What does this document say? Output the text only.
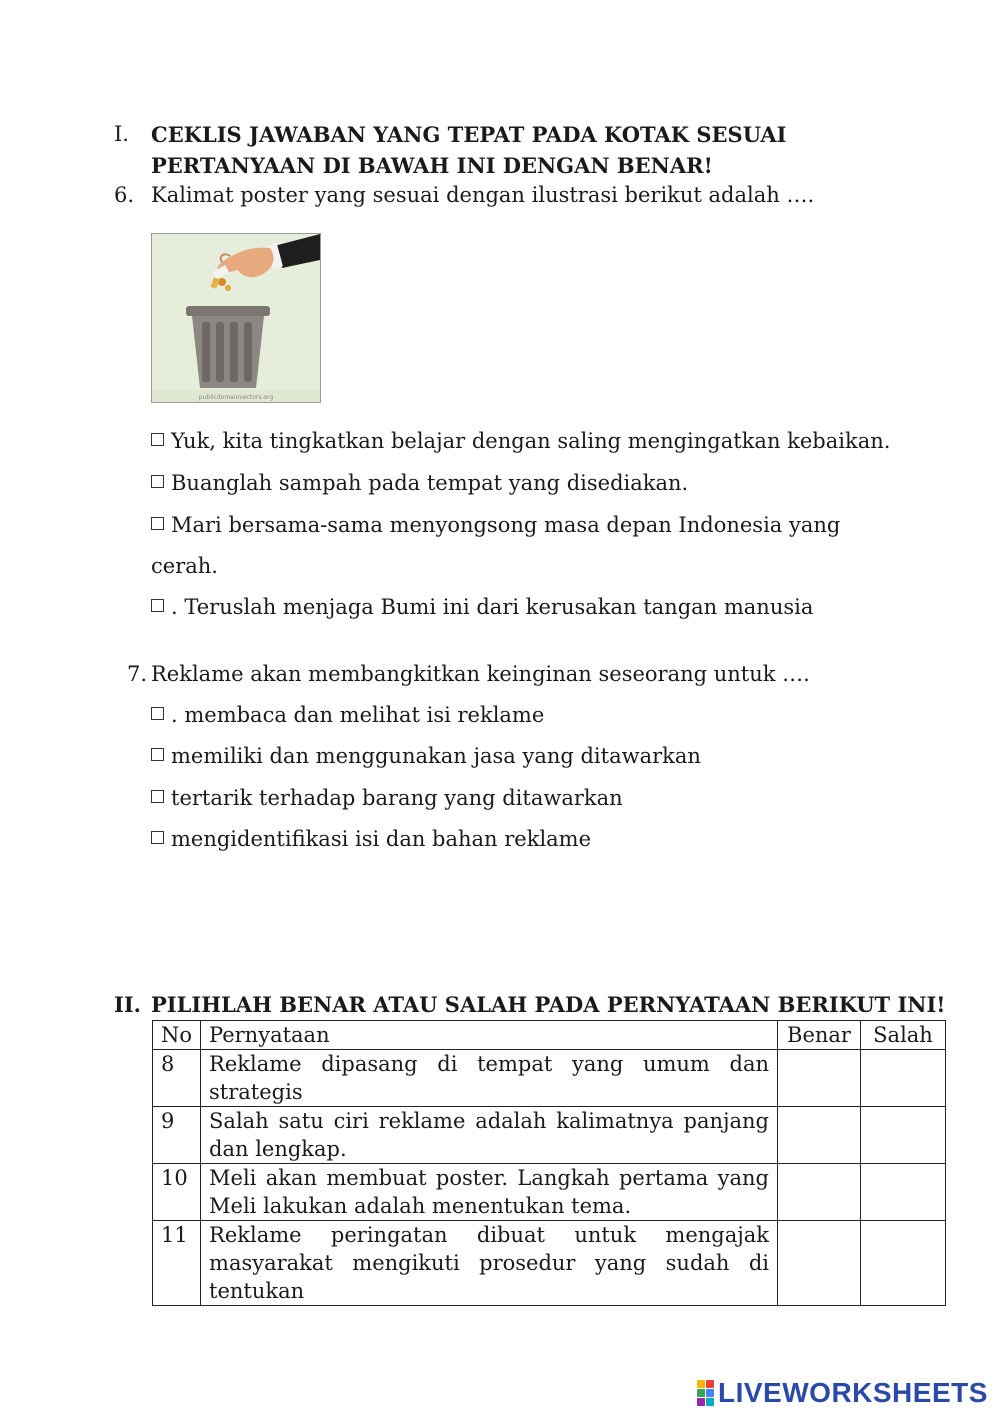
I. CEKLIS JAWABAN YANG TEPAT PADA KOTAK SESUAI
PERTANYAAN DI BAWAH INI DENGAN BENAR!
6. Kalimat poster yang sesuai dengan ilustrasi berikut adalah ….
publicdomainvectors.org
Yuk, kita tingkatkan belajar dengan saling mengingatkan kebaikan.
Buanglah sampah pada tempat yang disediakan.
Mari bersama-sama menyongsong masa depan Indonesia yang
cerah.
. Teruslah menjaga Bumi ini dari kerusakan tangan manusia
7. Reklame akan membangkitkan keinginan seseorang untuk ….
. membaca dan melihat isi reklame
memiliki dan menggunakan jasa yang ditawarkan
tertarik terhadap barang yang ditawarkan
mengidentifikasi isi dan bahan reklame
II. PILIHLAH BENAR ATAU SALAH PADA PERNYATAAN BERIKUT INI!
No	Pernyataan	Benar	Salah
8	Reklame dipasang di tempat yang umum dan strategis		
9	Salah satu ciri reklame adalah kalimatnya panjang dan lengkap.		
10	Meli akan membuat poster. Langkah pertama yang Meli lakukan adalah menentukan tema.		
11	Reklame peringatan dibuat untuk mengajak masyarakat mengikuti prosedur yang sudah di tentukan		
LIVEWORKSHEETS
